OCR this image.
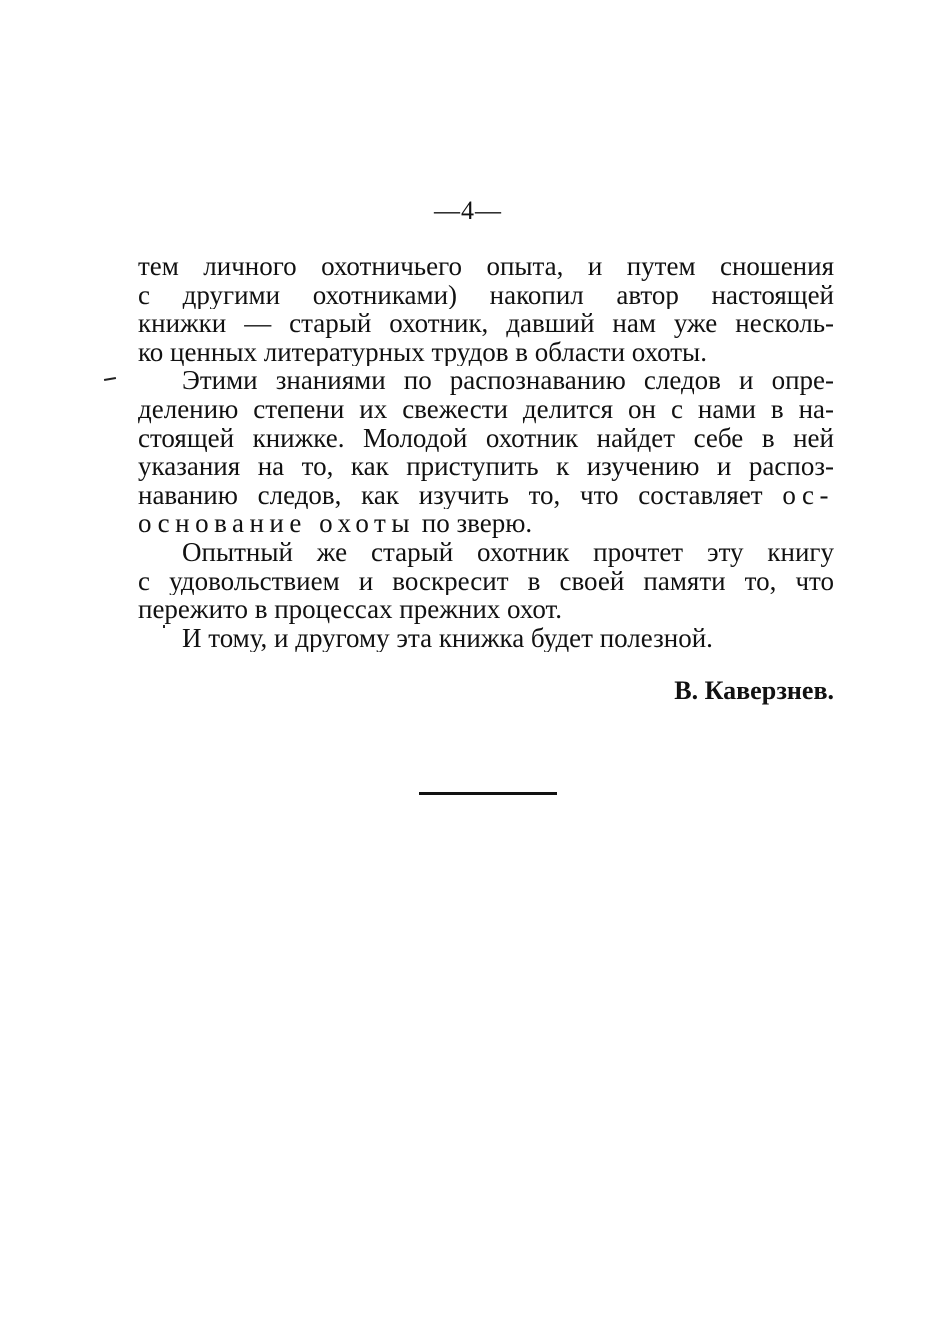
—4—
тем личного охотничьего опыта, и путем сношения
с другими охотниками) накопил автор настоящей
книжки — старый охотник, давший нам уже несколь-
ко ценных литературных трудов в области охоты.
Этими знаниями по распознаванию следов и опре-
делению степени их свежести делится он с нами в на-
стоящей книжке. Молодой охотник найдет себе в ней
указания на то, как приступить к изучению и распоз-
наванию следов, как изучить то, что составляет ос-
основание охоты по зверю.
Опытный же старый охотник прочтет эту книгу
с удовольствием и воскресит в своей памяти то, что
пережито в процессах прежних охот.
И тому, и другому эта книжка будет полезной.
В. Каверзнев.
